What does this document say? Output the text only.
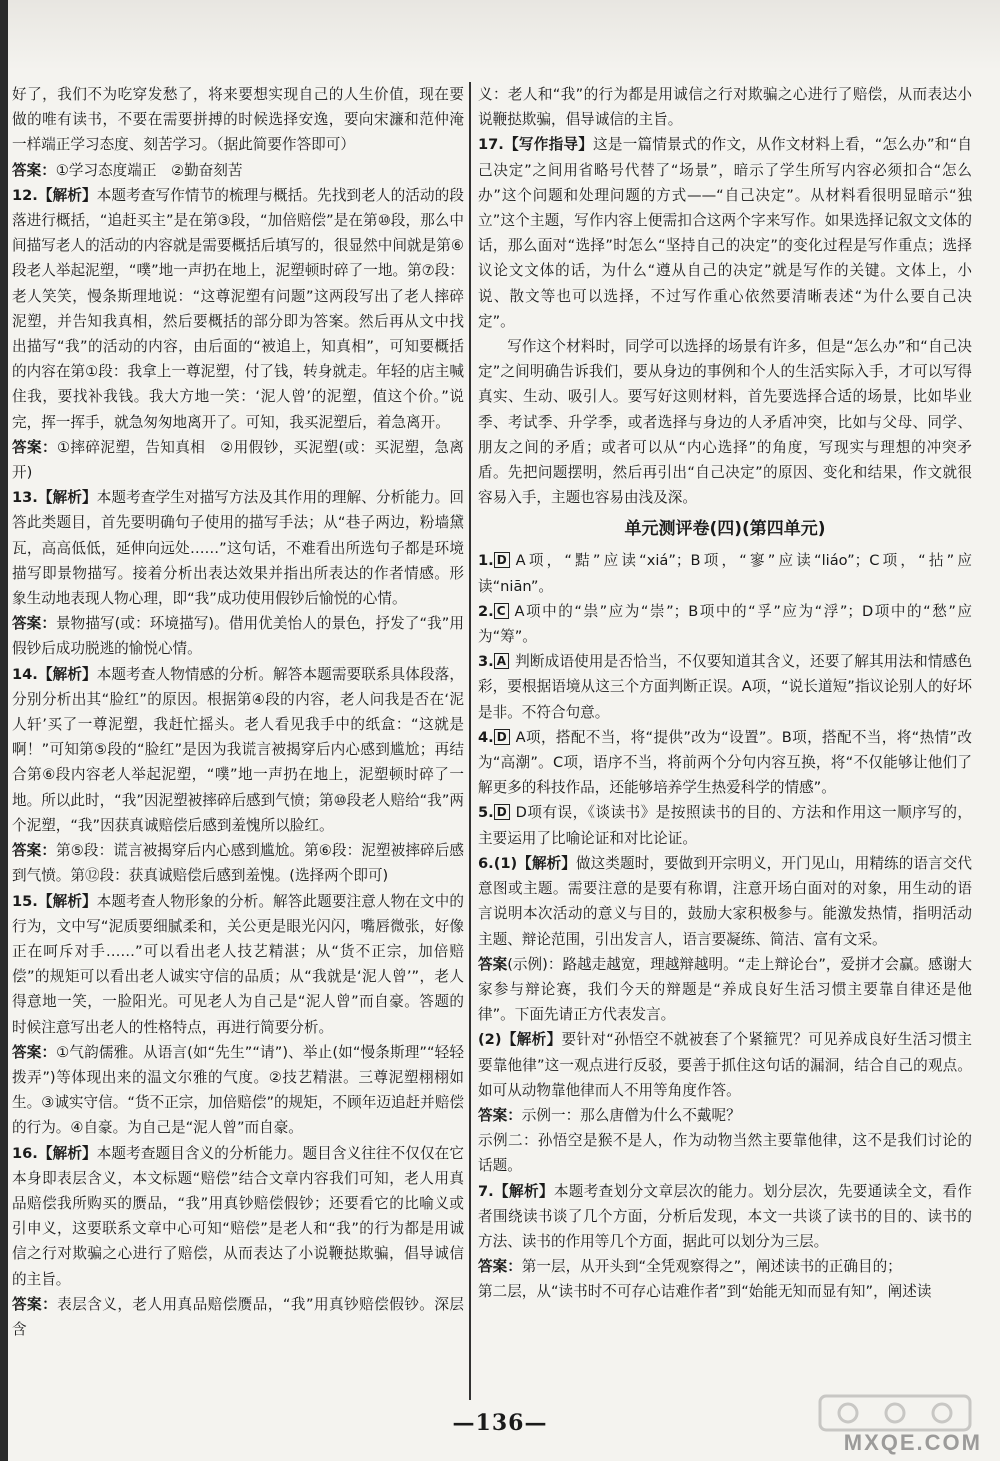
好了，我们不为吃穿发愁了，将来要想实现自己的人生价值，现在要做的唯有读书，不要在需要拼搏的时候选择安逸，要向宋濂和范仲淹一样端正学习态度、刻苦学习。（据此简要作答即可）

答案：①学习态度端正　②勤奋刻苦

12.【解析】本题考查写作情节的梳理与概括。先找到老人的活动的段落进行概括，“追赶买主”是在第③段，“加倍赔偿”是在第⑩段，那么中间描写老人的活动的内容就是需要概括后填写的，很显然中间就是第⑥段老人举起泥塑，“噗”地一声扔在地上，泥塑顿时碎了一地。第⑦段：老人笑笑，慢条斯理地说：“这尊泥塑有问题”这两段写出了老人摔碎泥塑，并告知我真相，然后要概括的部分即为答案。然后再从文中找出描写“我”的活动的内容，由后面的“被追上，知真相”，可知要概括的内容在第①段：我拿上一尊泥塑，付了钱，转身就走。年轻的店主喊住我，要找补我钱。我大方地一笑：‘泥人曾’的泥塑，值这个价。”说完，挥一挥手，就急匆匆地离开了。可知，我买泥塑后，着急离开。

答案：①摔碎泥塑，告知真相　②用假钞，买泥塑(或：买泥塑，急离开)

13.【解析】本题考查学生对描写方法及其作用的理解、分析能力。回答此类题目，首先要明确句子使用的描写手法；从“巷子两边，粉墙黛瓦，高高低低，延伸向远处……”这句话，不难看出所选句子都是环境描写即景物描写。接着分析出表达效果并指出所表达的作者情感。形象生动地表现人物心理，即“我”成功使用假钞后愉悦的心情。

答案：景物描写(或：环境描写)。借用优美怡人的景色，抒发了“我”用假钞后成功脱逃的愉悦心情。

14.【解析】本题考查人物情感的分析。解答本题需要联系具体段落，分别分析出其“脸红”的原因。根据第④段的内容，老人问我是否在‘泥人轩’买了一尊泥塑，我赶忙摇头。老人看见我手中的纸盒：“这就是啊！”可知第⑤段的“脸红”是因为我谎言被揭穿后内心感到尴尬；再结合第⑥段内容老人举起泥塑，“噗”地一声扔在地上，泥塑顿时碎了一地。所以此时，“我”因泥塑被摔碎后感到气愤；第⑩段老人赔给“我”两个泥塑，“我”因获真诚赔偿后感到羞愧所以脸红。

答案：第⑤段：谎言被揭穿后内心感到尴尬。第⑥段：泥塑被摔碎后感到气愤。第⑫段：获真诚赔偿后感到羞愧。(选择两个即可)

15.【解析】本题考查人物形象的分析。解答此题要注意人物在文中的行为，文中写“泥质要细腻柔和，关公更是眼光闪闪，嘴唇微张，好像正在呵斥对手……”可以看出老人技艺精湛；从“货不正宗，加倍赔偿”的规矩可以看出老人诚实守信的品质；从“我就是‘泥人曾’”，老人得意地一笑，一脸阳光。可见老人为自己是“泥人曾”而自豪。答题的时候注意写出老人的性格特点，再进行简要分析。

答案：①气韵儒雅。从语言(如“先生”“请”)、举止(如“慢条斯理”“轻轻拨弄”)等体现出来的温文尔雅的气度。②技艺精湛。三尊泥塑栩栩如生。③诚实守信。“货不正宗，加倍赔偿”的规矩，不顾年迈追赶并赔偿的行为。④自豪。为自己是“泥人曾”而自豪。

16.【解析】本题考查题目含义的分析能力。题目含义往往不仅仅在它本身即表层含义，本文标题“赔偿”结合文章内容我们可知，老人用真品赔偿我所购买的赝品，“我”用真钞赔偿假钞；还要看它的比喻义或引申义，这要联系文章中心可知“赔偿”是老人和“我”的行为都是用诚信之行对欺骗之心进行了赔偿，从而表达了小说鞭挞欺骗，倡导诚信的主旨。

答案：表层含义，老人用真品赔偿赝品，“我”用真钞赔偿假钞。深层含

义：老人和“我”的行为都是用诚信之行对欺骗之心进行了赔偿，从而表达小说鞭挞欺骗，倡导诚信的主旨。

17.【写作指导】这是一篇情景式的作文，从作文材料上看，“怎么办”和“自己决定”之间用省略号代替了“场景”，暗示了学生所写内容必须扣合“怎么办”这个问题和处理问题的方式——“自己决定”。从材料看很明显暗示“独立”这个主题，写作内容上便需扣合这两个字来写作。如果选择记叙文文体的话，那么面对“选择”时怎么“坚持自己的决定”的变化过程是写作重点；选择议论文文体的话，为什么“遵从自己的决定”就是写作的关键。文体上，小说、散文等也可以选择，不过写作重心依然要清晰表述“为什么要自己决定”。

写作这个材料时，同学可以选择的场景有许多，但是“怎么办”和“自己决定”之间明确告诉我们，要从身边的事例和个人的生活实际入手，才可以写得真实、生动、吸引人。要写好这则材料，首先要选择合适的场景，比如毕业季、考试季、升学季，或者选择与身边的人矛盾冲突，比如与父母、同学、朋友之间的矛盾；或者可以从“内心选择”的角度，写现实与理想的冲突矛盾。先把问题摆明，然后再引出“自己决定”的原因、变化和结果，作文就很容易入手，主题也容易由浅及深。

单元测评卷(四)(第四单元)

1. D A项，“黠”应读“xiá”；B项，“寥”应读“liáo”；C项，“拈”应读“niān”。

2. C A项中的“祟”应为“崇”；B项中的“孚”应为“浮”；D项中的“愁”应为“筹”。

3. A 判断成语使用是否恰当，不仅要知道其含义，还要了解其用法和情感色彩，要根据语境从这三个方面判断正误。A项，“说长道短”指议论别人的好坏是非。不符合句意。

4. D A项，搭配不当，将“提供”改为“设置”。B项，搭配不当，将“热情”改为“高潮”。C项，语序不当，将前两个分句内容互换，将“不仅能够让他们了解更多的科技作品，还能够培养学生热爱科学的情感”。

5. D D项有误，《谈读书》是按照读书的目的、方法和作用这一顺序写的，主要运用了比喻论证和对比论证。

6.(1)【解析】做这类题时，要做到开宗明义，开门见山，用精练的语言交代意图或主题。需要注意的是要有称谓，注意开场白面对的对象，用生动的语言说明本次活动的意义与目的，鼓励大家积极参与。能激发热情，指明活动主题、辩论范围，引出发言人，语言要凝练、简洁、富有文采。

答案(示例)：路越走越宽，理越辩越明。“走上辩论台”，爱拼才会赢。感谢大家参与辩论赛，我们今天的辩题是“养成良好生活习惯主要靠自律还是他律”。下面先请正方代表发言。

(2)【解析】要针对“孙悟空不就被套了个紧箍咒？可见养成良好生活习惯主要靠他律”这一观点进行反驳，要善于抓住这句话的漏洞，结合自己的观点。如可从动物靠他律而人不用等角度作答。

答案：示例一：那么唐僧为什么不戴呢？

示例二：孙悟空是猴不是人，作为动物当然主要靠他律，这不是我们讨论的话题。

7.【解析】本题考查划分文章层次的能力。划分层次，先要通读全文，看作者围绕读书谈了几个方面，分析后发现，本文一共谈了读书的目的、读书的方法、读书的作用等几个方面，据此可以划分为三层。

答案：第一层，从开头到“全凭观察得之”，阐述读书的正确目的；

第二层，从“读书时不可存心诘难作者”到“始能无知而显有知”，阐述读

—136—
MXQE.COM
